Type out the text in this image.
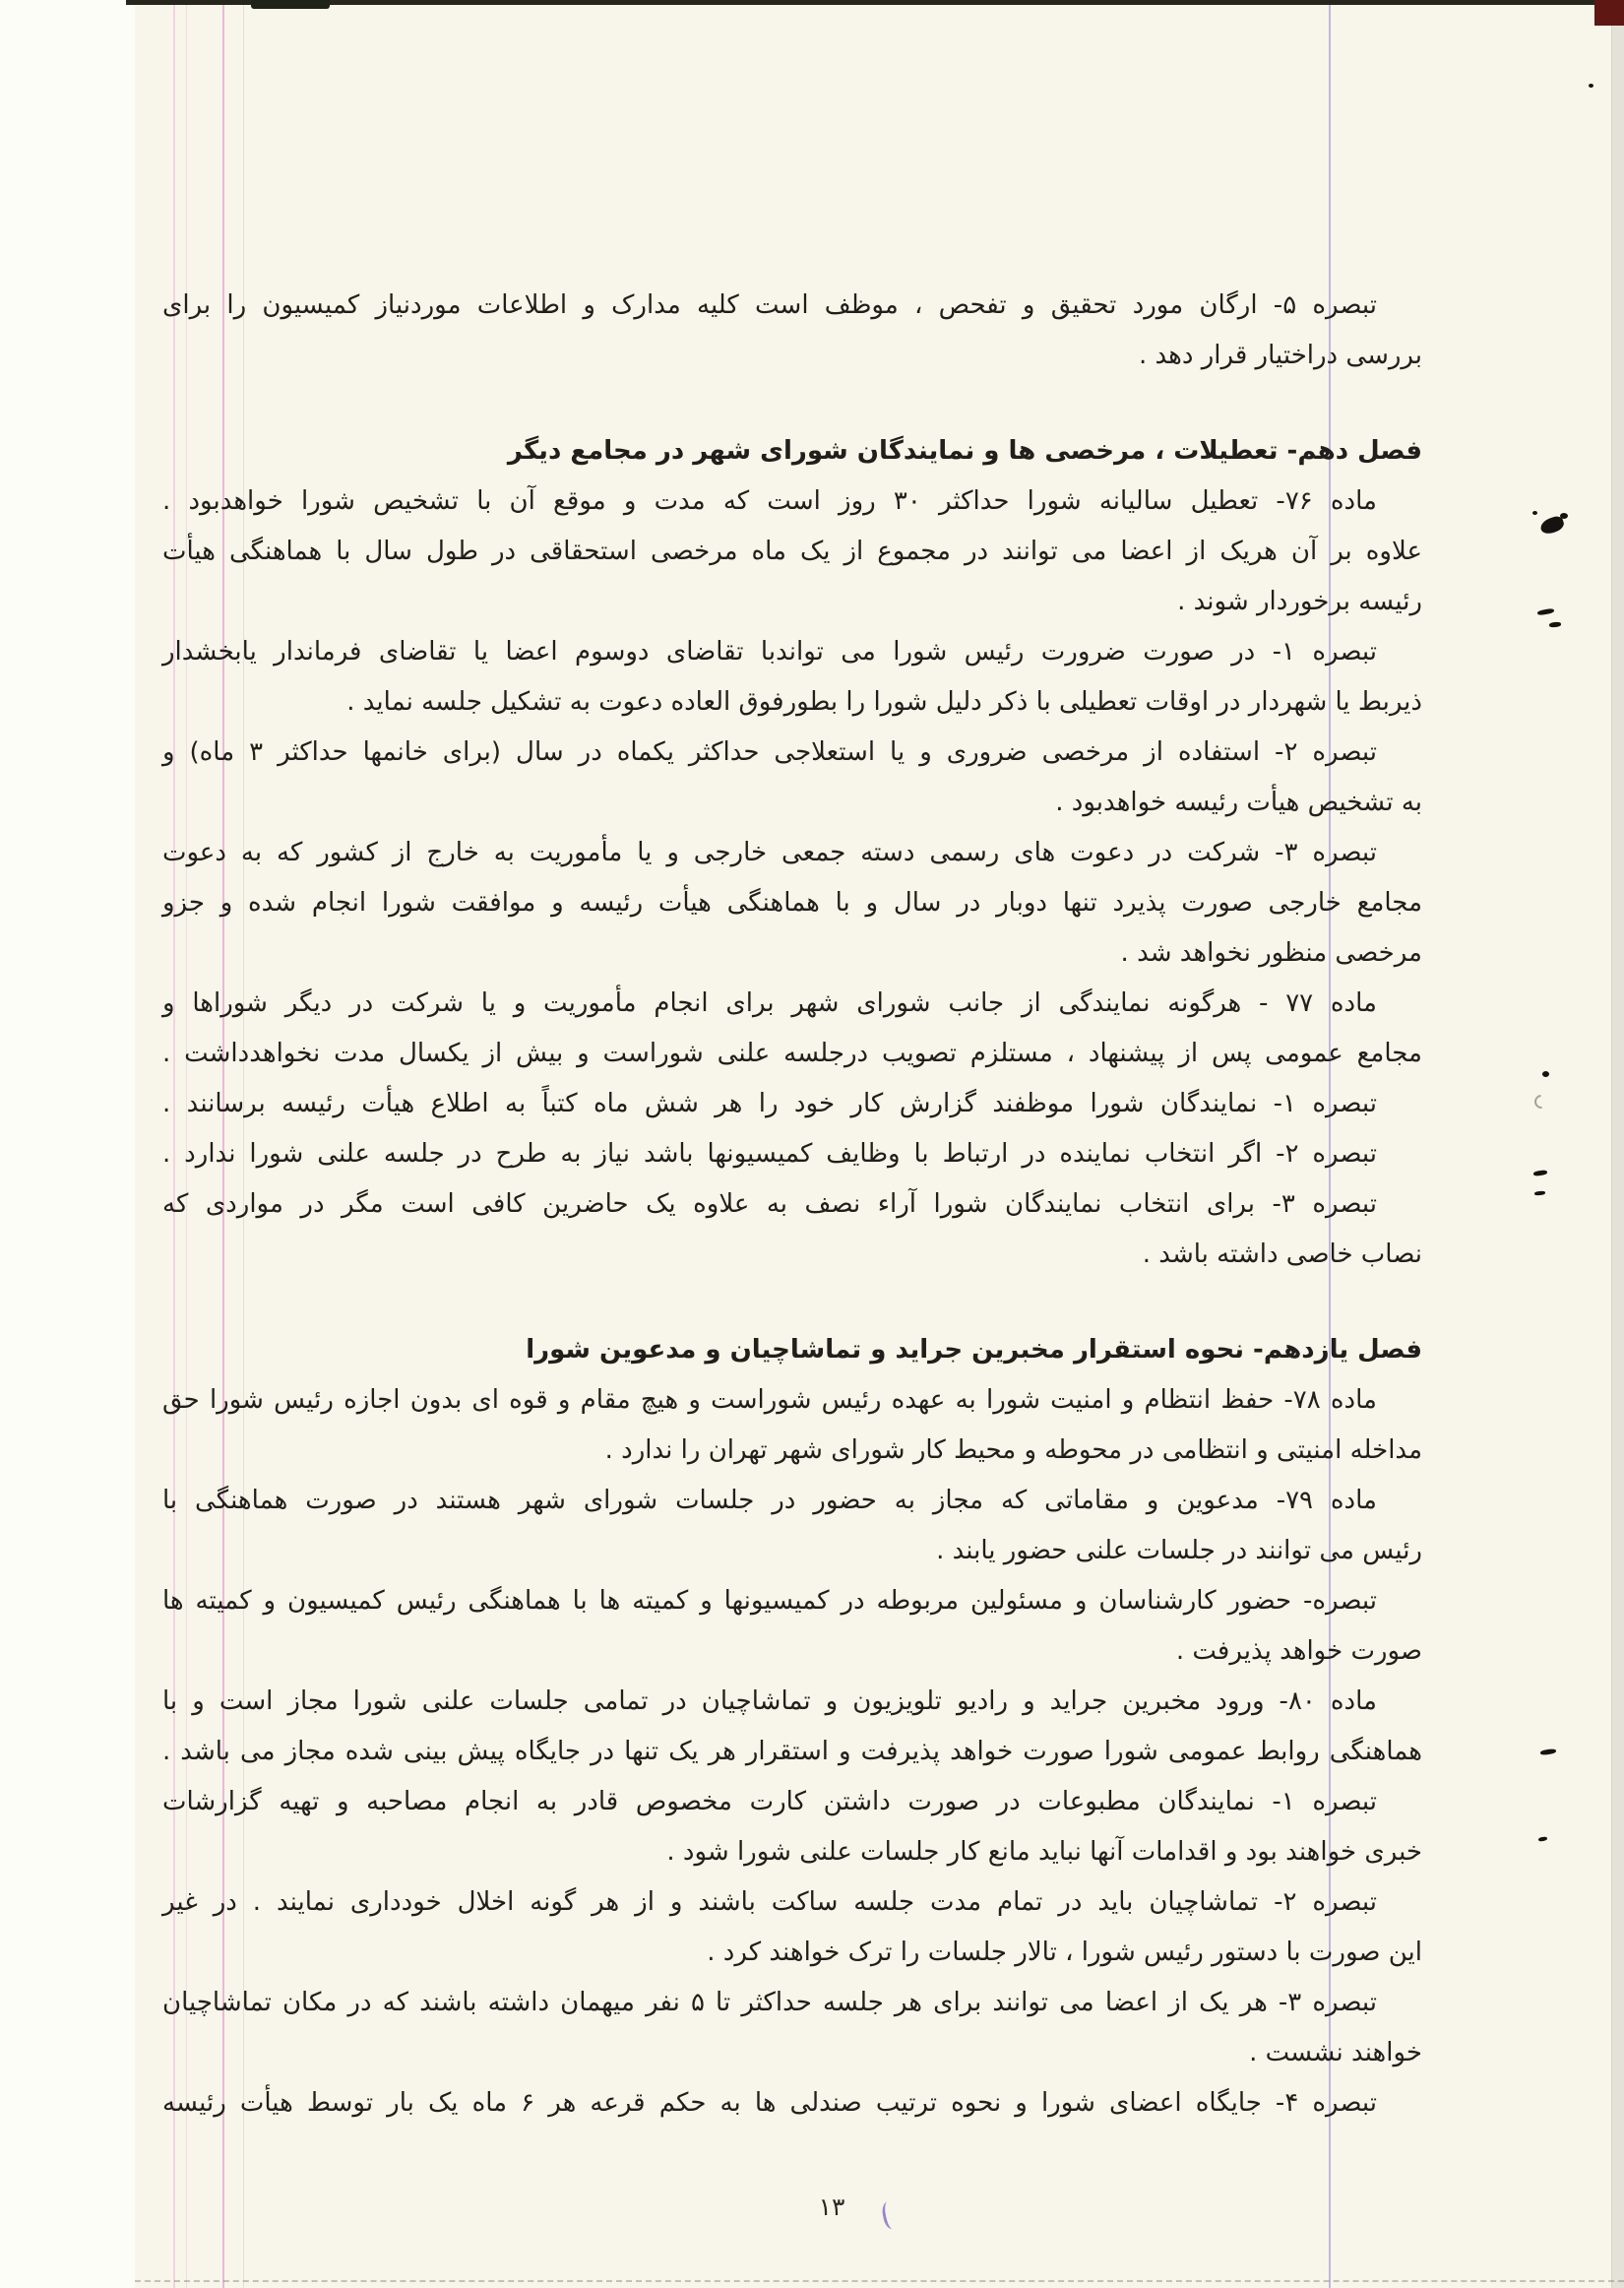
تبصره ۵- ارگان مورد تحقیق و تفحص ، موظف است کلیه مدارک و اطلاعات موردنیاز کمیسیون را برای
بررسی دراختیار قرار دهد .
فصل دهم- تعطیلات ، مرخصی ها و نمایندگان شورای شهر در مجامع دیگر
ماده ۷۶- تعطیل سالیانه شورا حداکثر ۳۰ روز است که مدت و موقع آن با تشخیص شورا خواهدبود .
علاوه بر آن هریک از اعضا می توانند در مجموع از یک ماه مرخصی استحقاقی در طول سال با هماهنگی هیأت
رئیسه برخوردار شوند .
تبصره ۱- در صورت ضرورت رئیس شورا می تواندبا تقاضای دوسوم اعضا یا تقاضای فرماندار یابخشدار
ذیربط یا شهردار در اوقات تعطیلی با ذکر دلیل شورا را بطورفوق العاده دعوت به تشکیل جلسه نماید .
تبصره ۲- استفاده از مرخصی ضروری و یا استعلاجی حداکثر یکماه در سال (برای خانمها حداکثر ۳ ماه) و
به تشخیص هیأت رئیسه خواهدبود .
تبصره ۳- شرکت در دعوت های رسمی دسته جمعی خارجی و یا مأموریت به خارج از کشور که به دعوت
مجامع خارجی صورت پذیرد تنها دوبار در سال و با هماهنگی هیأت رئیسه و موافقت شورا انجام شده و جزو
مرخصی منظور نخواهد شد .
ماده ۷۷ - هرگونه نمایندگی از جانب شورای شهر برای انجام مأموریت و یا شرکت در دیگر شوراها و
مجامع عمومی پس از پیشنهاد ، مستلزم تصویب درجلسه علنی شوراست و بیش از یکسال مدت نخواهدداشت .
تبصره ۱- نمایندگان شورا موظفند گزارش کار خود را هر شش ماه کتباً به اطلاع هیأت رئیسه برسانند .
تبصره ۲- اگر انتخاب نماینده در ارتباط با وظایف کمیسیونها باشد نیاز به طرح در جلسه علنی شورا ندارد .
تبصره ۳- برای انتخاب نمایندگان شورا آراء نصف به علاوه یک حاضرین کافی است مگر در مواردی که
نصاب خاصی داشته باشد .
فصل یازدهم- نحوه استقرار مخبرین جراید و تماشاچیان و مدعوین شورا
ماده ۷۸- حفظ انتظام و امنیت شورا به عهده رئیس شوراست و هیچ مقام و قوه ای بدون اجازه رئیس شورا حق
مداخله امنیتی و انتظامی در محوطه و محیط کار شورای شهر تهران را ندارد .
ماده ۷۹- مدعوین و مقاماتی که مجاز به حضور در جلسات شورای شهر هستند در صورت هماهنگی با
رئیس می توانند در جلسات علنی حضور یابند .
تبصره- حضور کارشناسان و مسئولین مربوطه در کمیسیونها و کمیته ها با هماهنگی رئیس کمیسیون و کمیته ها
صورت خواهد پذیرفت .
ماده ۸۰- ورود مخبرین جراید و رادیو تلویزیون و تماشاچیان در تمامی جلسات علنی شورا مجاز است و با
هماهنگی روابط عمومی شورا صورت خواهد پذیرفت و استقرار هر یک تنها در جایگاه پیش بینی شده مجاز می باشد .
تبصره ۱- نمایندگان مطبوعات در صورت داشتن کارت مخصوص قادر به انجام مصاحبه و تهیه گزارشات
خبری خواهند بود و اقدامات آنها نباید مانع کار جلسات علنی شورا شود .
تبصره ۲- تماشاچیان باید در تمام مدت جلسه ساکت باشند و از هر گونه اخلال خودداری نمایند . در غیر
این صورت با دستور رئیس شورا ، تالار جلسات را ترک خواهند کرد .
تبصره ۳- هر یک از اعضا می توانند برای هر جلسه حداکثر تا ۵ نفر میهمان داشته باشند که در مکان تماشاچیان
خواهند نشست .
تبصره ۴- جایگاه اعضای شورا و نحوه ترتیب صندلی ها به حکم قرعه هر ۶ ماه یک بار توسط هیأت رئیسه
۱۳
